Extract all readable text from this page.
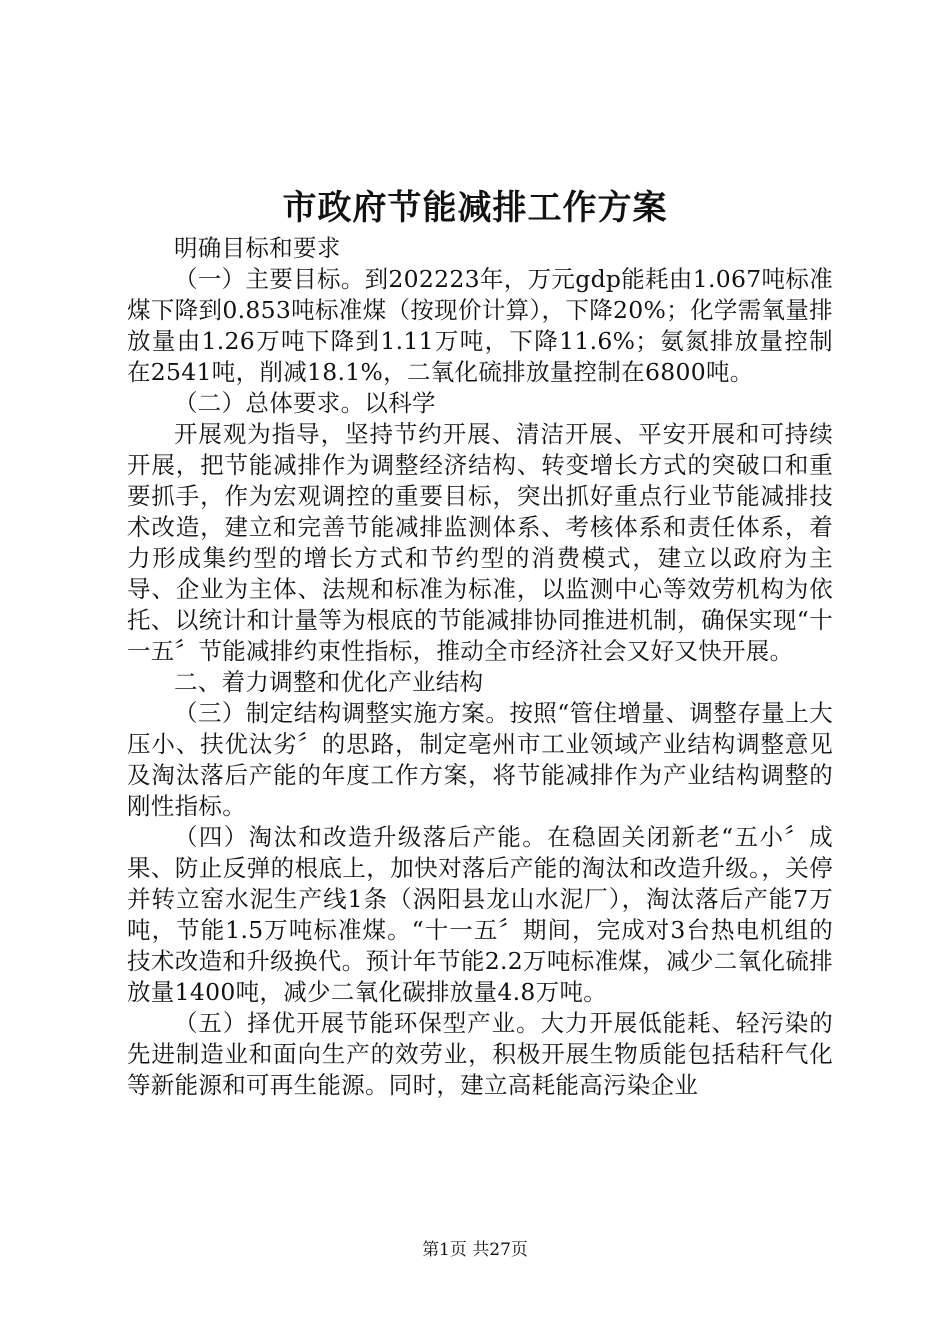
市政府节能减排工作方案

明确目标和要求

（一）主要目标。到202223年，万元gdp能耗由1.067吨标准煤下降到0.853吨标准煤（按现价计算），下降20%；化学需氧量排放量由1.26万吨下降到1.11万吨，下降11.6%；氨氮排放量控制在2541吨，削减18.1%，二氧化硫排放量控制在6800吨。

（二）总体要求。以科学

开展观为指导，坚持节约开展、清洁开展、平安开展和可持续开展，把节能减排作为调整经济结构、转变增长方式的突破口和重要抓手，作为宏观调控的重要目标，突出抓好重点行业节能减排技术改造，建立和完善节能减排监测体系、考核体系和责任体系，着力形成集约型的增长方式和节约型的消费模式，建立以政府为主导、企业为主体、法规和标准为标准，以监测中心等效劳机构为依托、以统计和计量等为根底的节能减排协同推进机制，确保实现“十一五〞节能减排约束性指标，推动全市经济社会又好又快开展。

二、着力调整和优化产业结构

（三）制定结构调整实施方案。按照“管住增量、调整存量上大压小、扶优汰劣〞的思路，制定亳州市工业领域产业结构调整意见及淘汰落后产能的年度工作方案，将节能减排作为产业结构调整的刚性指标。

（四）淘汰和改造升级落后产能。在稳固关闭新老“五小〞成果、防止反弹的根底上，加快对落后产能的淘汰和改造升级。，关停并转立窑水泥生产线1条（涡阳县龙山水泥厂），淘汰落后产能7万吨，节能1.5万吨标准煤。“十一五〞期间，完成对3台热电机组的技术改造和升级换代。预计年节能2.2万吨标准煤，减少二氧化硫排放量1400吨，减少二氧化碳排放量4.8万吨。

（五）择优开展节能环保型产业。大力开展低能耗、轻污染的先进制造业和面向生产的效劳业，积极开展生物质能包括秸秆气化等新能源和可再生能源。同时，建立高耗能高污染企业

第1页 共27页
